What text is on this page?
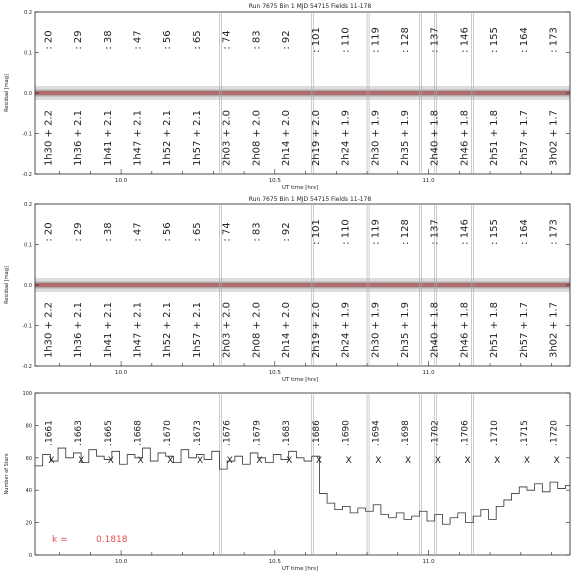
Run 7675 Bin 1 MJD 54715 Fields 11-178
: 20 : 29 : 38 : 47 : 56 : 65 : 74 : 83 : 92 : 101 : 110 : 119 : 128 : 137 : 146 : 155 : 164 : 173
1h30 + 2.2 1h36 + 2.1 1h41 + 2.1 1h47 + 2.1 1h52 + 2.1 1h57 + 2.1 2h03 + 2.0 2h08 + 2.0 2h14 + 2.0 2h19 + 2.0 2h24 + 1.9 2h30 + 1.9 2h35 + 1.9 2h40 + 1.8 2h46 + 1.8 2h51 + 1.8 2h57 + 1.7 3h02 + 1.7
-0.2
-0.1
0.0
0.1
0.2
10.0	10.5	11.0
Residual [mag]
UT time [hrs]
Run 7675 Bin 1 MJD 54715 Fields 11-178
: 20 : 29 : 38 : 47 : 56 : 65 : 74 : 83 : 92 : 101 : 110 : 119 : 128 : 137 : 146 : 155 : 164 : 173
1h30 + 2.2 1h36 + 2.1 1h41 + 2.1 1h47 + 2.1 1h52 + 2.1 1h57 + 2.1 2h03 + 2.0 2h08 + 2.0 2h14 + 2.0 2h19 + 2.0 2h24 + 1.9 2h30 + 1.9 2h35 + 1.9 2h40 + 1.8 2h46 + 1.8 2h51 + 1.8 2h57 + 1.7 3h02 + 1.7
-0.2
-0.1
0.0
0.1
0.2
10.0	10.5	11.0
Residual [mag]
UT time [hrs]
.1661 .1663 .1665 .1668 .1670 .1673 .1676 .1679 .1683 .1686 .1690 .1694 .1698 .1702 .1706 .1710 .1715 .1720
X	X	X	X	X	X	X	X	X	X	X	X	X	X	X	X	X	X
0
20
40
60
80
100
10.0	10.5	11.0
Number of Stars
UT time [hrs]
k =	0.1818
